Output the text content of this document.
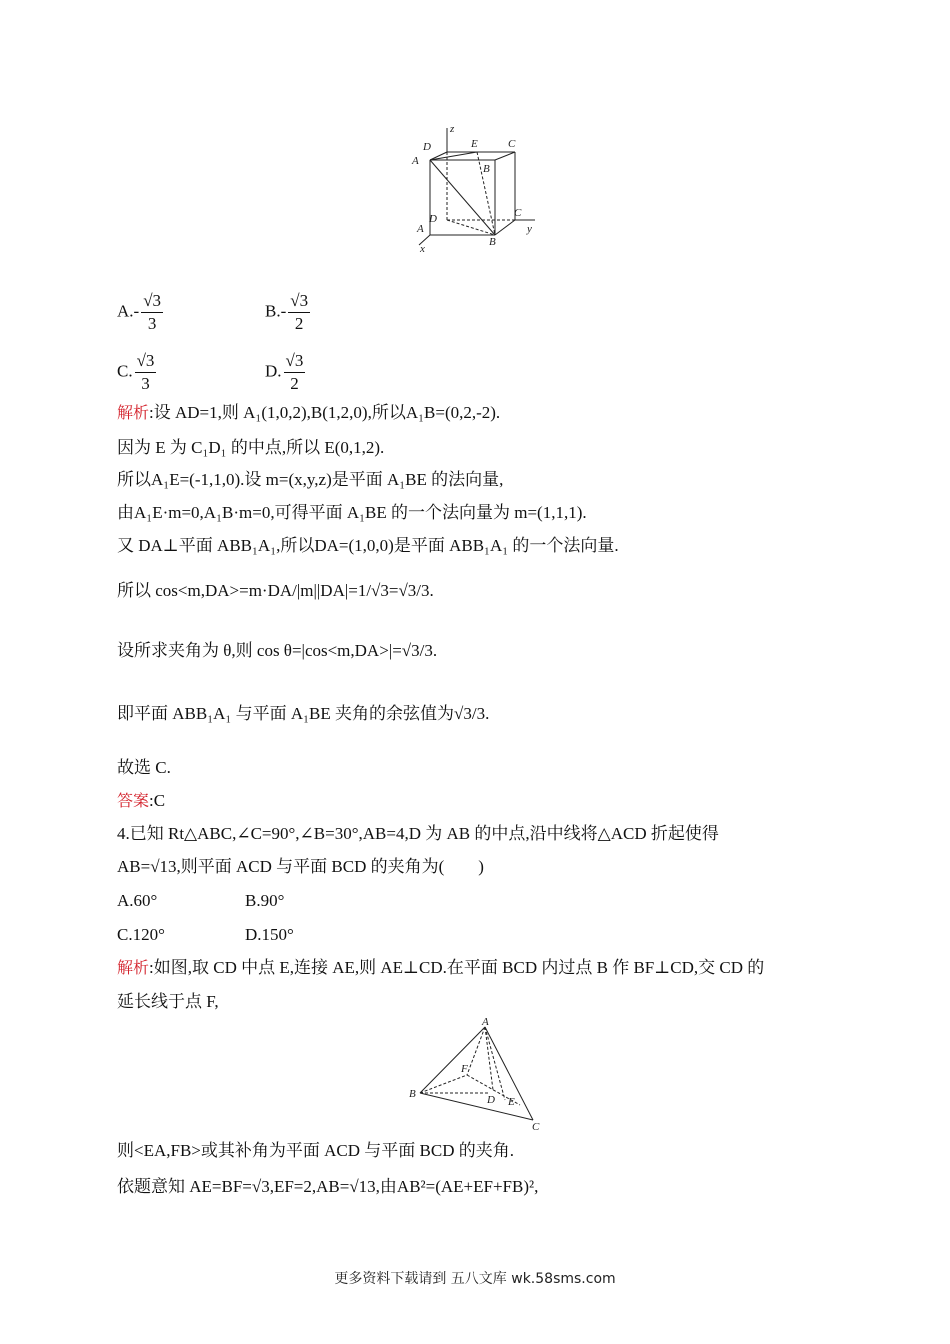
z
D
A
E	C
B
D	C
y
A
B
x
$A.- \frac{√3}{3}$	$B.- \frac{√3}{2}$
C. $\frac{√3}{3}$	D. $\frac{√3}{2}$
解析:设 AD=1,则 A₁(1,0,2),B(1,2,0),所以A₁B=(0,2,-2).
因为 E 为 C₁D₁ 的中点,所以 E(0,1,2).
所以A₁E=(-1,1,0).设 m=(x,y,z)是平面 A₁BE 的法向量,
由A₁E·m=0,A₁B·m=0,可得平面 A₁BE 的一个法向量为 m=(1,1,1).
又 DA⊥平面 ABB₁A₁,所以DA=(1,0,0)是平面 ABB₁A₁ 的一个法向量.
所以 cos<m,DA>=m·DA/|m||DA|=1/√3=√3/3.
设所求夹角为 θ,则 cos θ=|cos<m,DA>|=√3/3.
即平面 ABB₁A₁ 与平面 A₁BE 夹角的余弦值为√3/3.
故选 C.
答案:C
4.已知 Rt△ABC,∠C=90°,∠B=30°,AB=4,D 为 AB 的中点,沿中线将△ACD 折起使得
AB=√13,则平面 ACD 与平面 BCD 的夹角为(　　)
A.60°	B.90°
C.120°	D.150°
解析:如图,取 CD 中点 E,连接 AE,则 AE⊥CD.在平面 BCD 内过点 B 作 BF⊥CD,交 CD 的
延长线于点 F,
A
B
F
D E
C
则<EA,FB>或其补角为平面 ACD 与平面 BCD 的夹角.
依题意知 AE=BF=√3,EF=2,AB=√13,由AB²=(AE+EF+FB)²,
更多资料下载请到 五八文库 wk.58sms.com
